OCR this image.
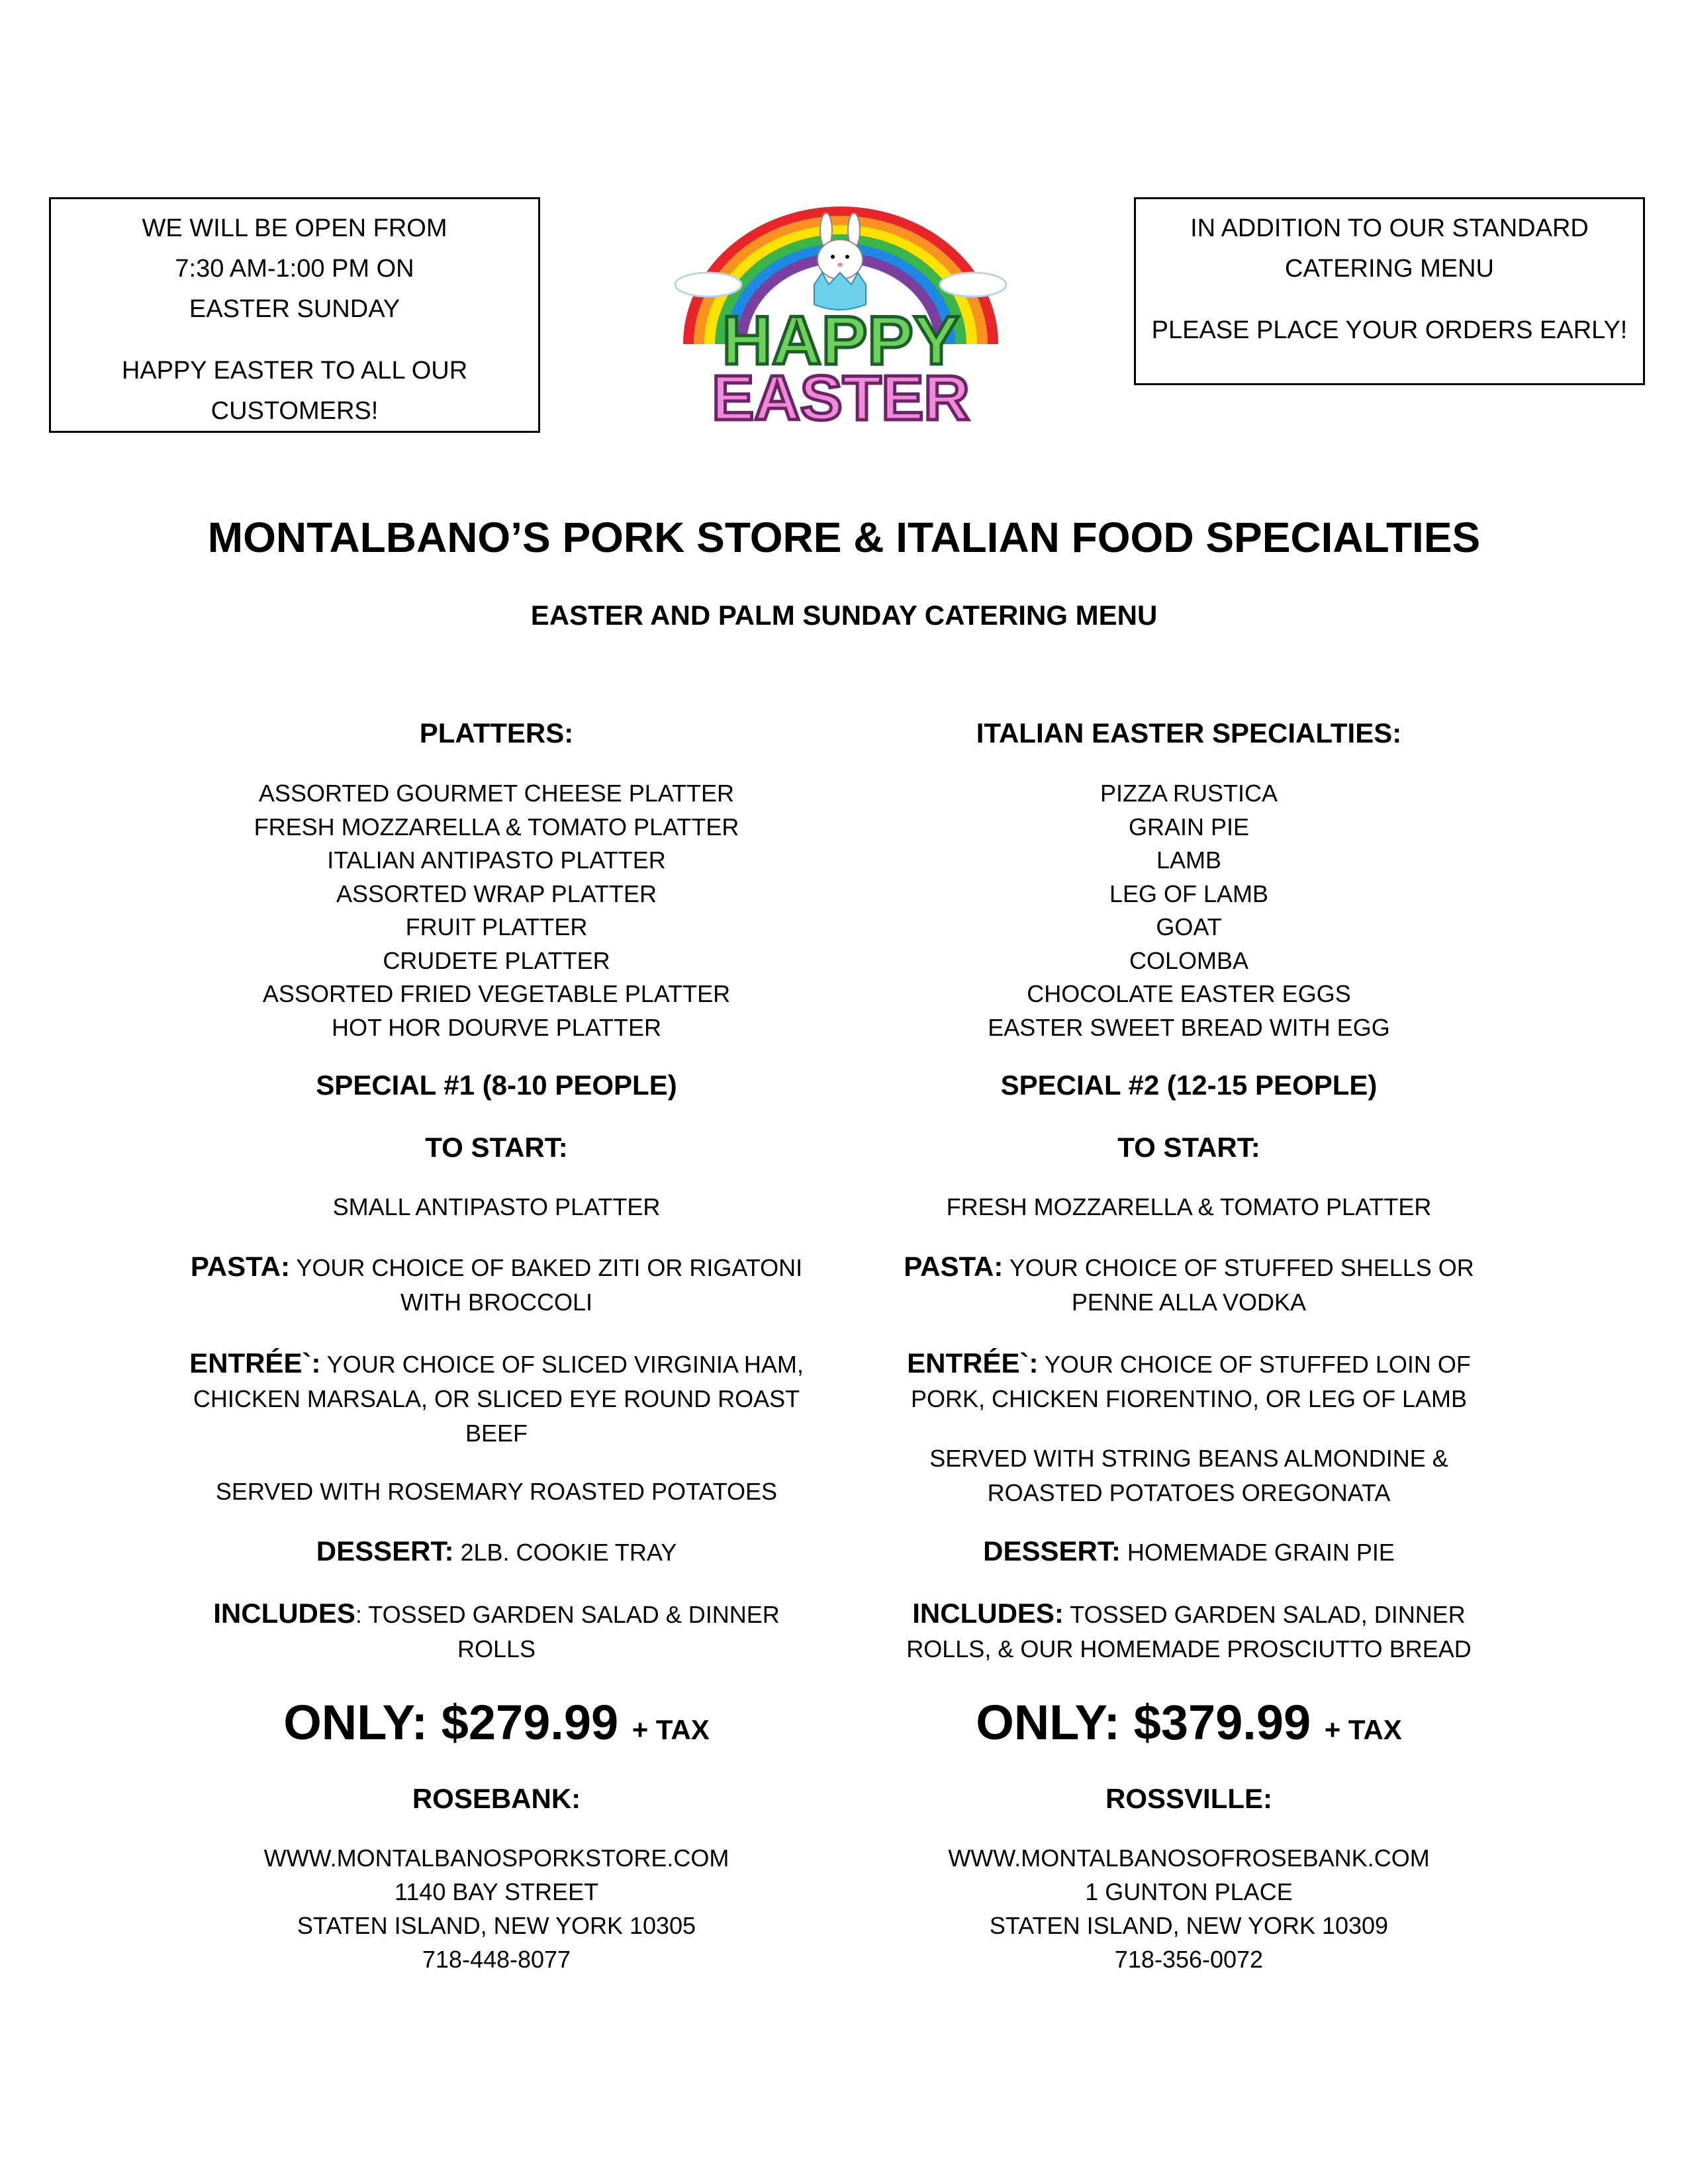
WE WILL BE OPEN FROM

7:30 AM-1:00 PM ON

EASTER SUNDAY

HAPPY EASTER TO ALL OUR

CUSTOMERS!

HAPPY
EASTER

IN ADDITION TO OUR STANDARD

CATERING MENU

PLEASE PLACE YOUR ORDERS EARLY!

MONTALBANO’S PORK STORE & ITALIAN FOOD SPECIALTIES
EASTER AND PALM SUNDAY CATERING MENU
PLATTERS:
ASSORTED GOURMET CHEESE PLATTER
FRESH MOZZARELLA & TOMATO PLATTER
ITALIAN ANTIPASTO PLATTER
ASSORTED WRAP PLATTER
FRUIT PLATTER
CRUDETE PLATTER
ASSORTED FRIED VEGETABLE PLATTER
HOT HOR DOURVE PLATTER
SPECIAL #1 (8-10 PEOPLE)
TO START:
SMALL ANTIPASTO PLATTER
PASTA: YOUR CHOICE OF BAKED ZITI OR RIGATONI
WITH BROCCOLI
ENTRÉE`: YOUR CHOICE OF SLICED VIRGINIA HAM,
CHICKEN MARSALA, OR SLICED EYE ROUND ROAST
BEEF
SERVED WITH ROSEMARY ROASTED POTATOES
DESSERT: 2LB. COOKIE TRAY
INCLUDES: TOSSED GARDEN SALAD & DINNER
ROLLS
ONLY: $279.99 + TAX
ROSEBANK:
WWW.MONTALBANOSPORKSTORE.COM
1140 BAY STREET
STATEN ISLAND, NEW YORK 10305
718-448-8077
ITALIAN EASTER SPECIALTIES:
PIZZA RUSTICA
GRAIN PIE
LAMB
LEG OF LAMB
GOAT
COLOMBA
CHOCOLATE EASTER EGGS
EASTER SWEET BREAD WITH EGG
SPECIAL #2 (12-15 PEOPLE)
TO START:
FRESH MOZZARELLA & TOMATO PLATTER
PASTA: YOUR CHOICE OF STUFFED SHELLS OR
PENNE ALLA VODKA
ENTRÉE`: YOUR CHOICE OF STUFFED LOIN OF
PORK, CHICKEN FIORENTINO, OR LEG OF LAMB
SERVED WITH STRING BEANS ALMONDINE &
ROASTED POTATOES OREGONATA
DESSERT: HOMEMADE GRAIN PIE
INCLUDES: TOSSED GARDEN SALAD, DINNER
ROLLS, & OUR HOMEMADE PROSCIUTTO BREAD
ONLY: $379.99 + TAX
ROSSVILLE:
WWW.MONTALBANOSOFROSEBANK.COM
1 GUNTON PLACE
STATEN ISLAND, NEW YORK 10309
718-356-0072
